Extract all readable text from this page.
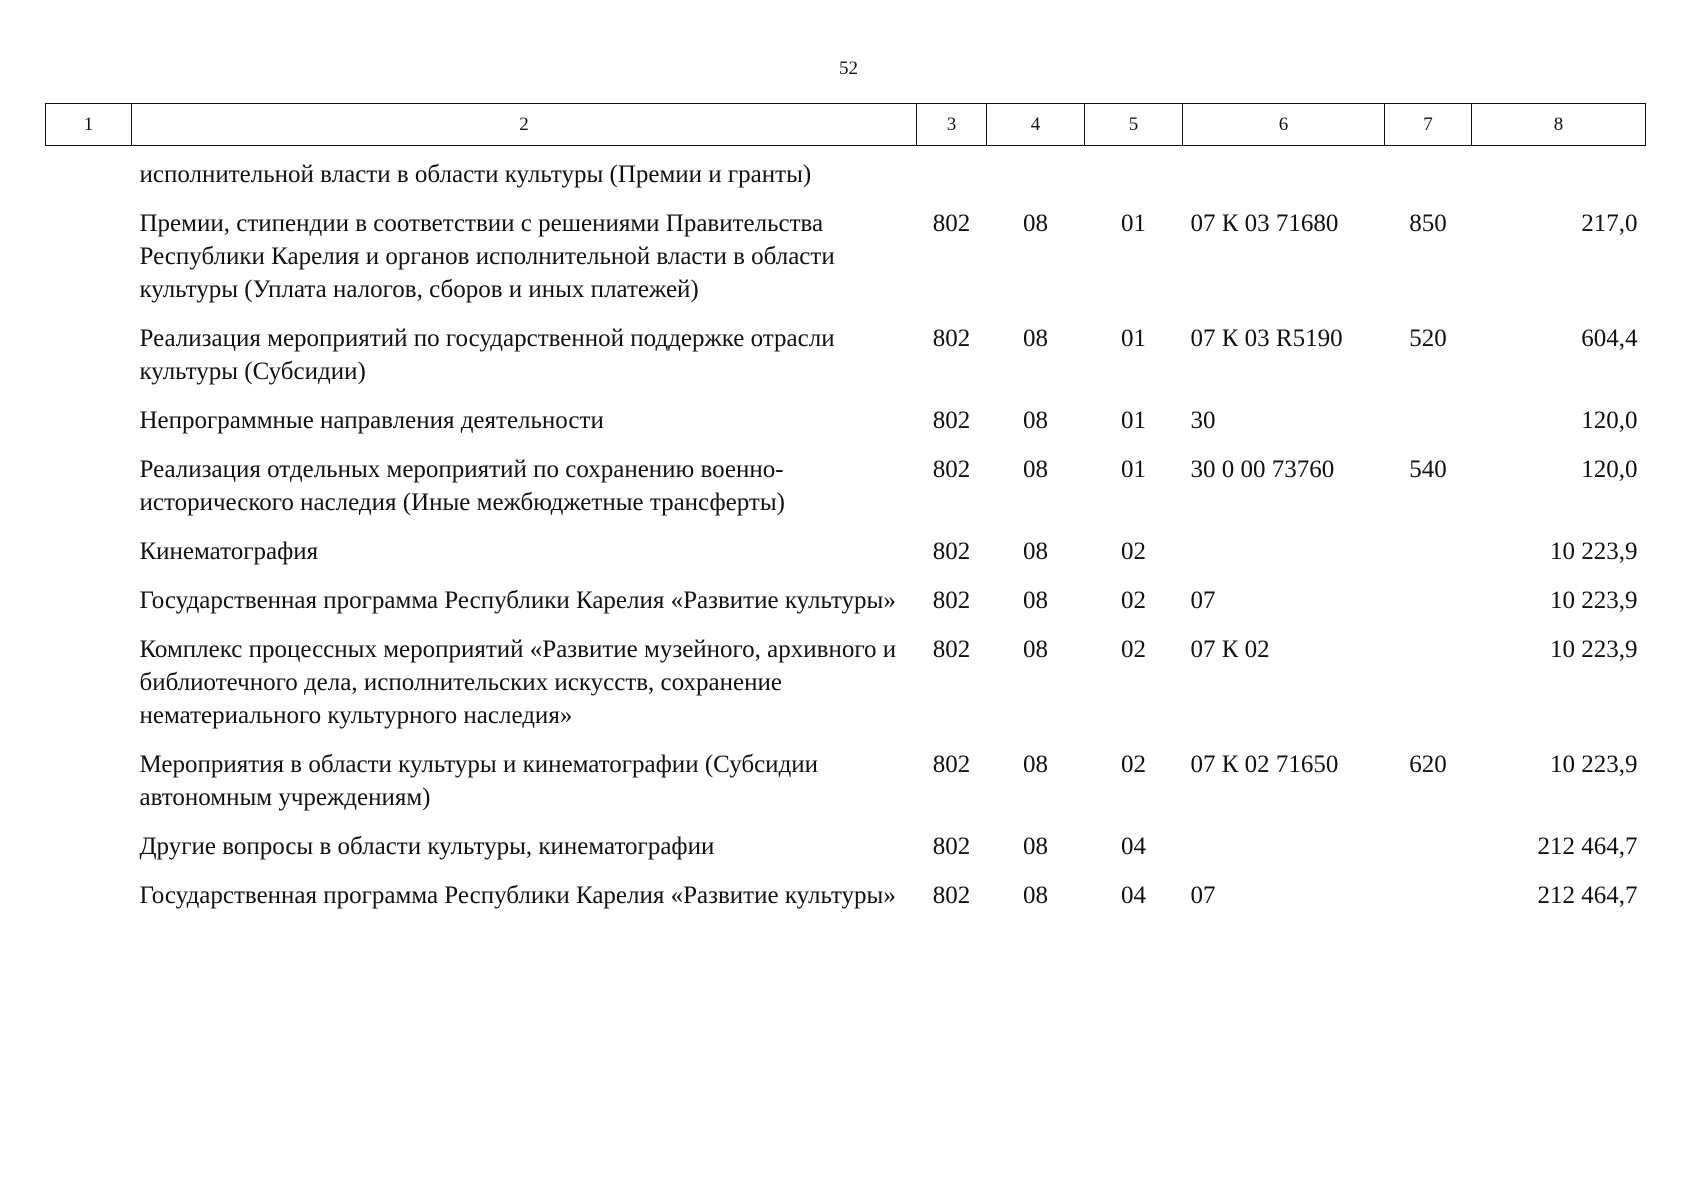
52
1	2	3	4	5	6	7	8
	исполнительной власти в области культуры (Премии и гранты)						
	Премии, стипендии в соответствии с решениями Правительства Республики Карелия и органов исполнительной власти в области культуры (Уплата налогов, сборов и иных платежей)	802	08	01	07 К 03 71680	850	217,0
	Реализация мероприятий по государственной поддержке отрасли культуры (Субсидии)	802	08	01	07 К 03 R5190	520	604,4
	Непрограммные направления деятельности	802	08	01	30		120,0
	Реализация отдельных мероприятий по сохранению военно-исторического наследия (Иные межбюджетные трансферты)	802	08	01	30 0 00 73760	540	120,0
	Кинематография	802	08	02			10 223,9
	Государственная программа Республики Карелия «Развитие культуры»	802	08	02	07		10 223,9
	Комплекс процессных мероприятий «Развитие музейного, архивного и библиотечного дела, исполнительских искусств, сохранение нематериального культурного наследия»	802	08	02	07 К 02		10 223,9
	Мероприятия в области культуры и кинематографии (Субсидии автономным учреждениям)	802	08	02	07 К 02 71650	620	10 223,9
	Другие вопросы в области культуры, кинематографии	802	08	04			212 464,7
	Государственная программа Республики Карелия «Развитие культуры»	802	08	04	07		212 464,7
